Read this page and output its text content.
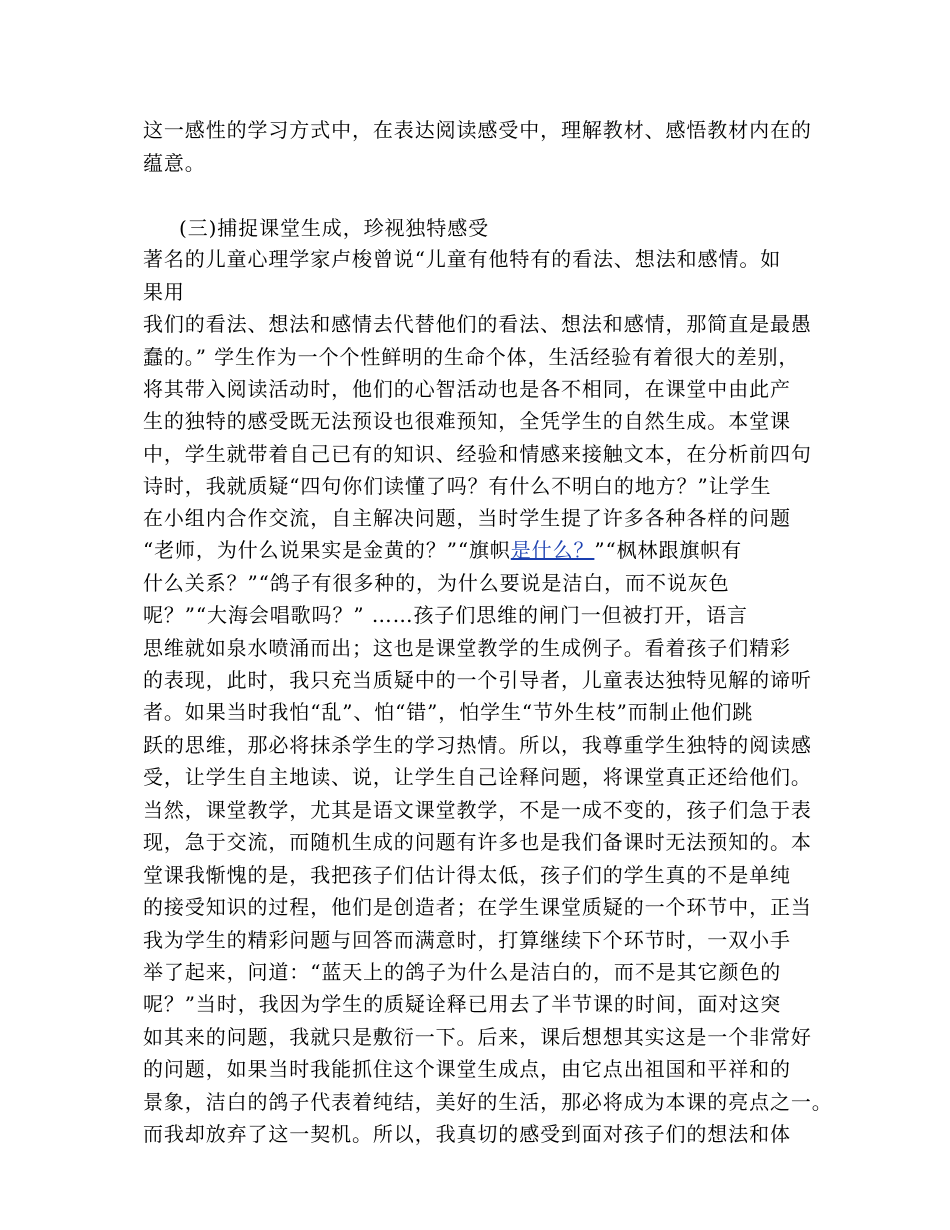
这一感性的学习方式中，在表达阅读感受中，理解教材、感悟教材内在的
蕴意。
(三)捕捉课堂生成，珍视独特感受
著名的儿童心理学家卢梭曾说“儿童有他特有的看法、想法和感情。如
果用
我们的看法、想法和感情去代替他们的看法、想法和感情，那简直是最愚
蠢的。” 学生作为一个个性鲜明的生命个体，生活经验有着很大的差别，
将其带入阅读活动时，他们的心智活动也是各不相同，在课堂中由此产
生的独特的感受既无法预设也很难预知，全凭学生的自然生成。本堂课
中，学生就带着自己已有的知识、经验和情感来接触文本，在分析前四句
诗时，我就质疑“四句你们读懂了吗？有什么不明白的地方？”让学生
在小组内合作交流，自主解决问题，当时学生提了许多各种各样的问题
“老师，为什么说果实是金黄的？”“旗帜是什么？”“枫林跟旗帜有
什么关系？”“鸽子有很多种的，为什么要说是洁白，而不说灰色
呢？”“大海会唱歌吗？” ……孩子们思维的闸门一但被打开，语言
思维就如泉水喷涌而出；这也是课堂教学的生成例子。看着孩子们精彩
的表现，此时，我只充当质疑中的一个引导者，儿童表达独特见解的谛听
者。如果当时我怕“乱”、怕“错”，怕学生“节外生枝”而制止他们跳
跃的思维，那必将抹杀学生的学习热情。所以，我尊重学生独特的阅读感
受，让学生自主地读、说，让学生自己诠释问题，将课堂真正还给他们。
当然，课堂教学，尤其是语文课堂教学，不是一成不变的，孩子们急于表
现，急于交流，而随机生成的问题有许多也是我们备课时无法预知的。本
堂课我惭愧的是，我把孩子们估计得太低，孩子们的学生真的不是单纯
的接受知识的过程，他们是创造者；在学生课堂质疑的一个环节中，正当
我为学生的精彩问题与回答而满意时，打算继续下个环节时，一双小手
举了起来，问道：“蓝天上的鸽子为什么是洁白的，而不是其它颜色的
呢？”当时，我因为学生的质疑诠释已用去了半节课的时间，面对这突
如其来的问题，我就只是敷衍一下。后来，课后想想其实这是一个非常好
的问题，如果当时我能抓住这个课堂生成点，由它点出祖国和平祥和的
景象，洁白的鸽子代表着纯结，美好的生活，那必将成为本课的亮点之一。
而我却放弃了这一契机。所以，我真切的感受到面对孩子们的想法和体
